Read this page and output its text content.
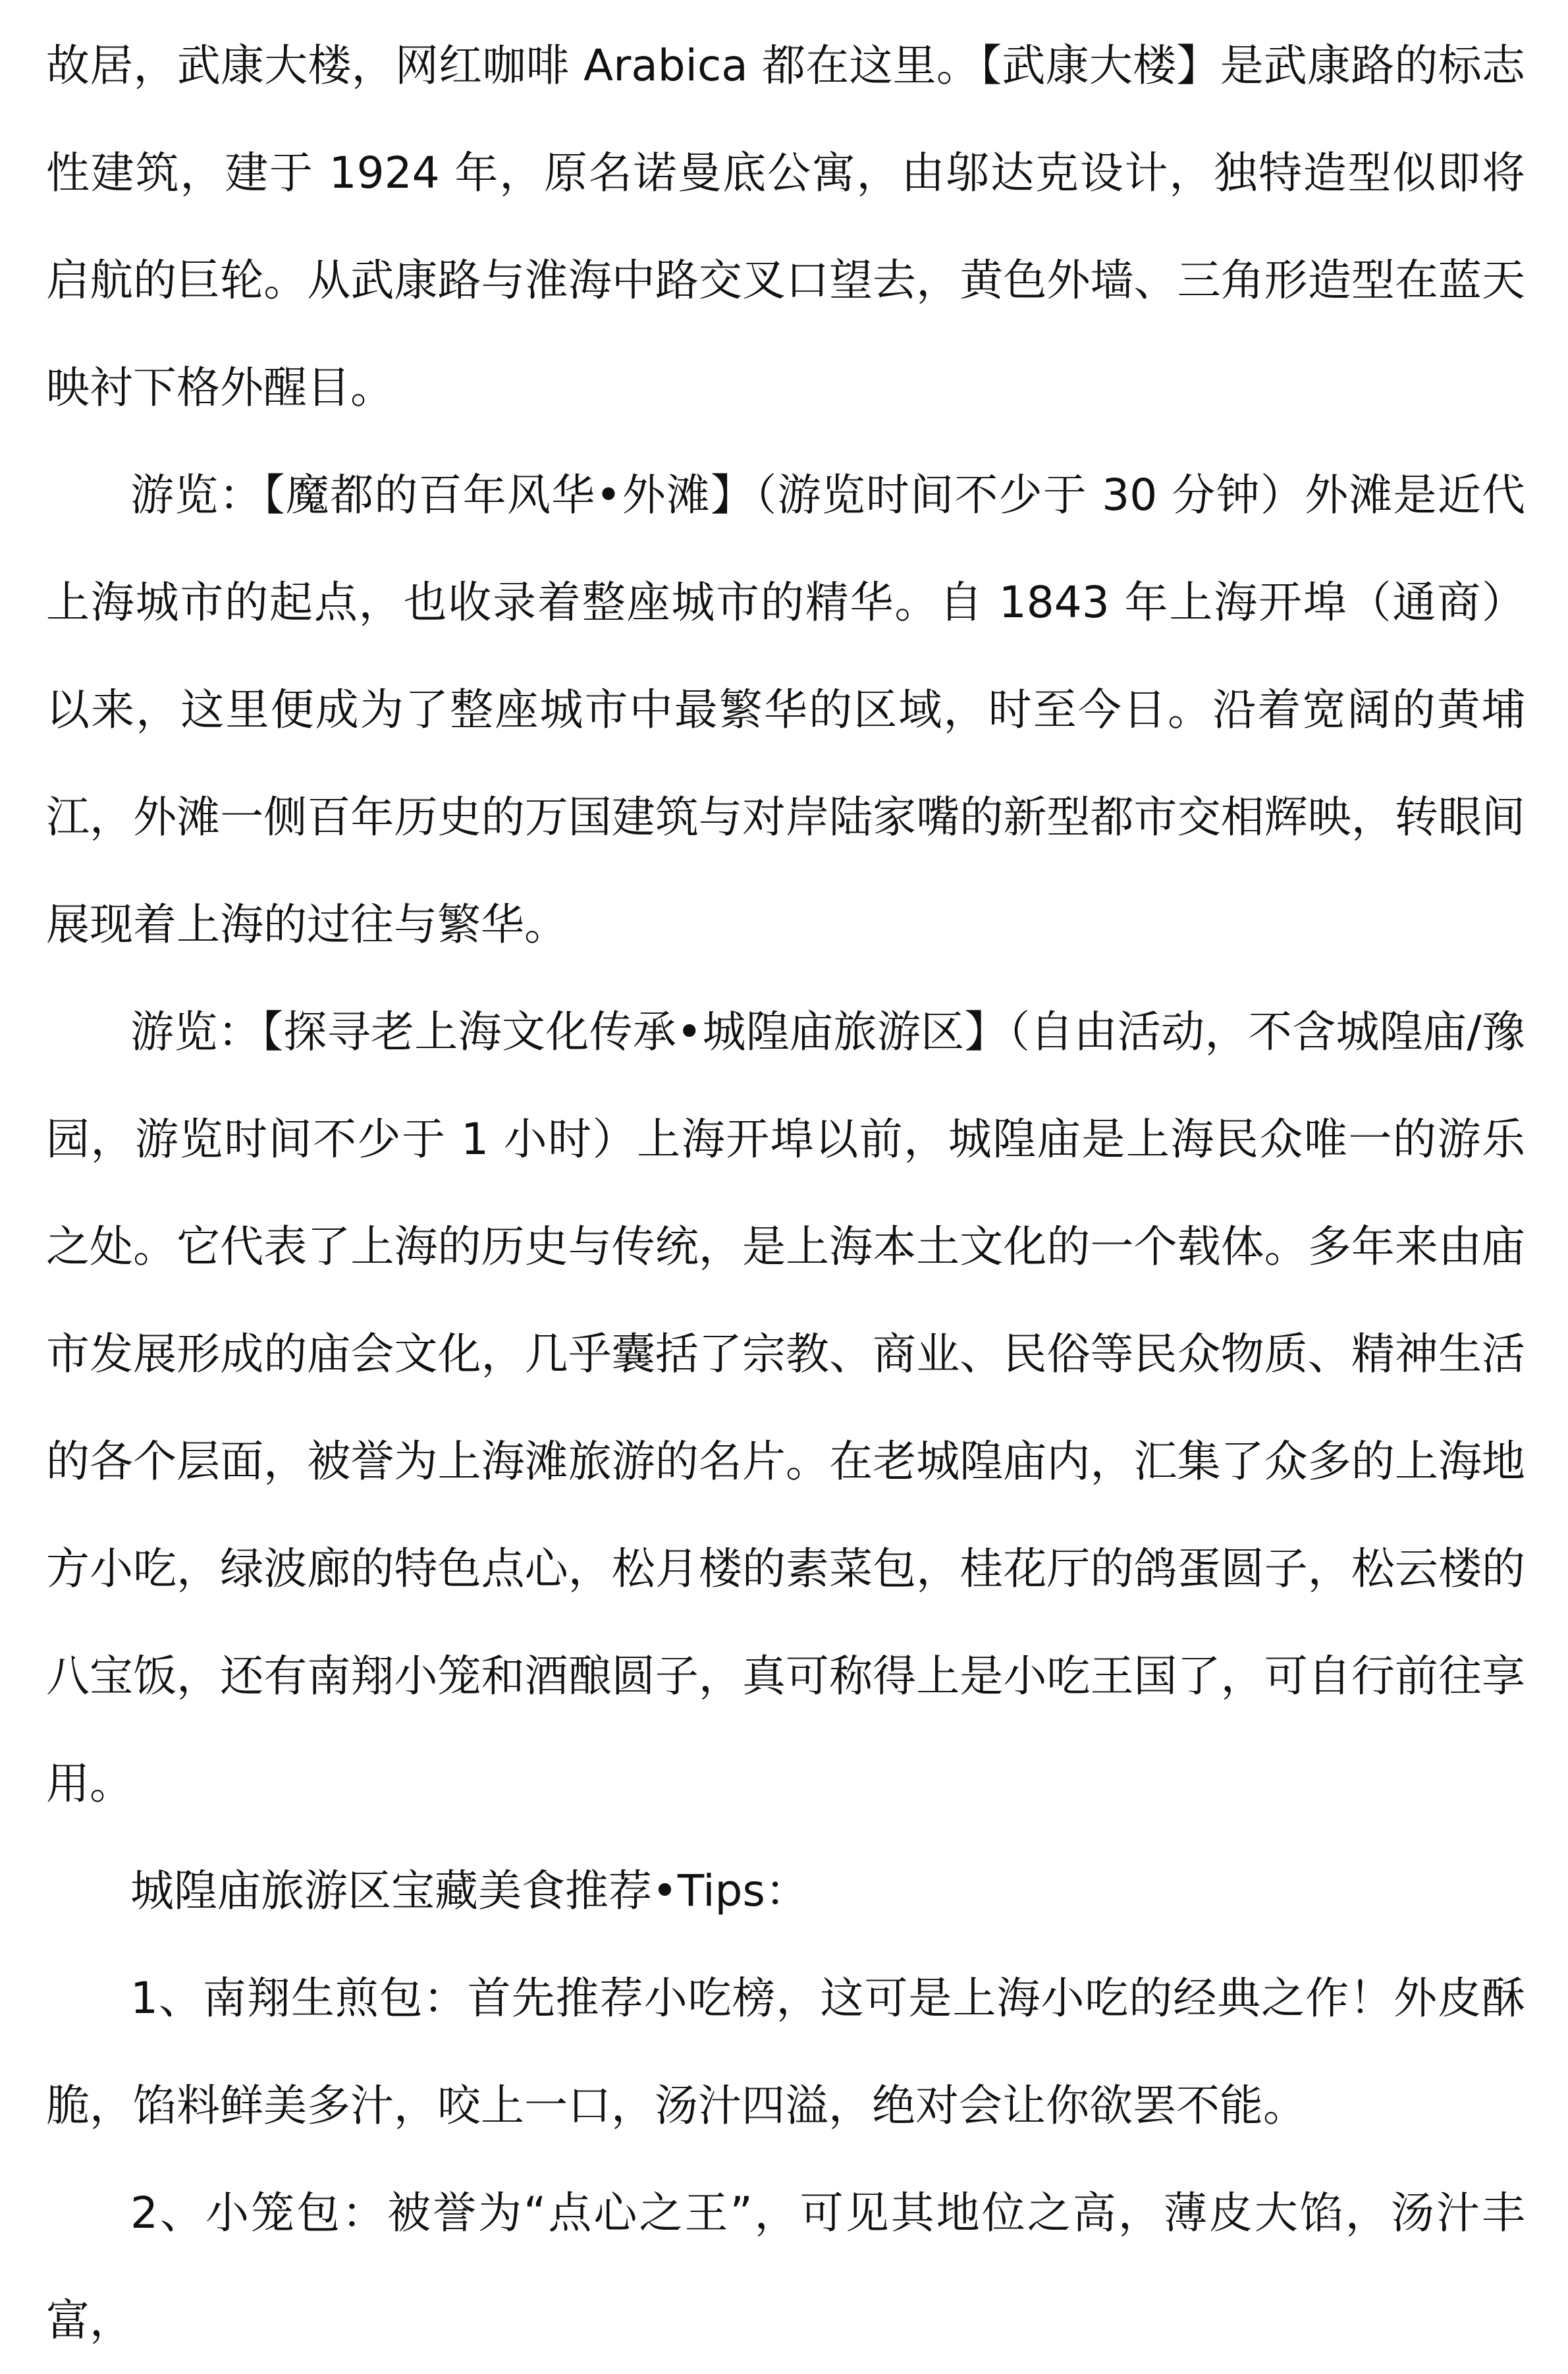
故居，武康大楼，网红咖啡 Arabica 都在这里。【武康大楼】是武康路的标志性建筑，建于 1924 年，原名诺曼底公寓，由邬达克设计，独特造型似即将启航的巨轮。从武康路与淮海中路交叉口望去，黄色外墙、三角形造型在蓝天映衬下格外醒目。

游览：【魔都的百年风华•外滩】（游览时间不少于 30 分钟）外滩是近代上海城市的起点，也收录着整座城市的精华。自 1843 年上海开埠（通商）以来，这里便成为了整座城市中最繁华的区域，时至今日。沿着宽阔的黄埔江，外滩一侧百年历史的万国建筑与对岸陆家嘴的新型都市交相辉映，转眼间展现着上海的过往与繁华。

游览：【探寻老上海文化传承•城隍庙旅游区】（自由活动，不含城隍庙/豫园，游览时间不少于 1 小时）上海开埠以前，城隍庙是上海民众唯一的游乐之处。它代表了上海的历史与传统，是上海本土文化的一个载体。多年来由庙市发展形成的庙会文化，几乎囊括了宗教、商业、民俗等民众物质、精神生活的各个层面，被誉为上海滩旅游的名片。在老城隍庙内，汇集了众多的上海地方小吃，绿波廊的特色点心，松月楼的素菜包，桂花厅的鸽蛋圆子，松云楼的八宝饭，还有南翔小笼和酒酿圆子，真可称得上是小吃王国了，可自行前往享用。

城隍庙旅游区宝藏美食推荐•Tips：

1、南翔生煎包：首先推荐小吃榜，这可是上海小吃的经典之作！外皮酥脆，馅料鲜美多汁，咬上一口，汤汁四溢，绝对会让你欲罢不能。

2、小笼包：被誉为“点心之王”，可见其地位之高，薄皮大馅，汤汁丰富，
